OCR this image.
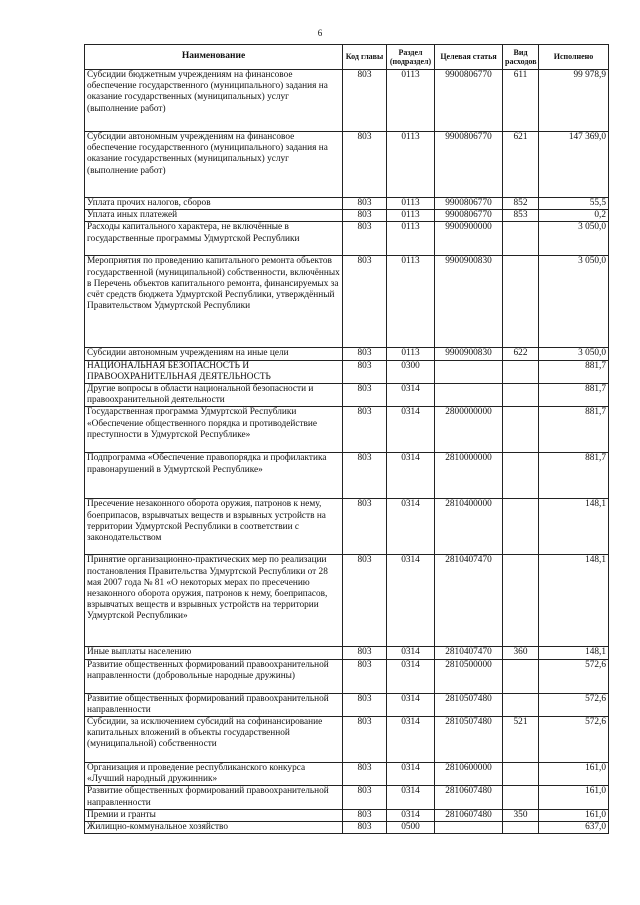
6
Наименование	Код главы	Раздел (подраздел)	Целевая статья	Вид расходов	Исполнено
Субсидии бюджетным учреждениям на финансовое обеспечение государственного (муниципального) задания на оказание государственных (муниципальных) услуг (выполнение работ)	803	0113	9900806770	611	99 978,9
Субсидии автономным учреждениям на финансовое обеспечение государственного (муниципального) задания на оказание государственных (муниципальных) услуг (выполнение работ)	803	0113	9900806770	621	147 369,0
Уплата прочих налогов, сборов	803	0113	9900806770	852	55,5
Уплата иных платежей	803	0113	9900806770	853	0,2
Расходы капитального характера, не включённые в государственные программы Удмуртской Республики	803	0113	9900900000		3 050,0
Мероприятия по проведению капитального ремонта объектов государственной (муниципальной) собственности, включённых в Перечень объектов капитального ремонта, финансируемых за счёт средств бюджета Удмуртской Республики, утверждённый Правительством Удмуртской Республики	803	0113	9900900830		3 050,0
Субсидии автономным учреждениям на иные цели	803	0113	9900900830	622	3 050,0
НАЦИОНАЛЬНАЯ БЕЗОПАСНОСТЬ И ПРАВООХРАНИТЕЛЬНАЯ ДЕЯТЕЛЬНОСТЬ	803	0300			881,7
Другие вопросы в области национальной безопасности и правоохранительной деятельности	803	0314			881,7
Государственная программа Удмуртской Республики «Обеспечение общественного порядка и противодействие преступности в Удмуртской Республике»	803	0314	2800000000		881,7
Подпрограмма «Обеспечение правопорядка и профилактика правонарушений в Удмуртской Республике»	803	0314	2810000000		881,7
Пресечение незаконного оборота оружия, патронов к нему, боеприпасов, взрывчатых веществ и взрывных устройств на территории Удмуртской Республики в соответствии с законодательством	803	0314	2810400000		148,1
Принятие организационно-практических мер по реализации постановления Правительства Удмуртской Республики от 28 мая 2007 года № 81 «О некоторых мерах по пресечению незаконного оборота оружия, патронов к нему, боеприпасов, взрывчатых веществ и взрывных устройств на территории Удмуртской Республики»	803	0314	2810407470		148,1
Иные выплаты населению	803	0314	2810407470	360	148,1
Развитие общественных формирований правоохранительной направленности (добровольные народные дружины)	803	0314	2810500000		572,6
Развитие общественных формирований правоохранительной направленности	803	0314	2810507480		572,6
Субсидии, за исключением субсидий на софинансирование капитальных вложений в объекты государственной (муниципальной) собственности	803	0314	2810507480	521	572,6
Организация и проведение республиканского конкурса «Лучший народный дружинник»	803	0314	2810600000		161,0
Развитие общественных формирований правоохранительной направленности	803	0314	2810607480		161,0
Премии и гранты	803	0314	2810607480	350	161,0
Жилищно-коммунальное хозяйство	803	0500			637,0
